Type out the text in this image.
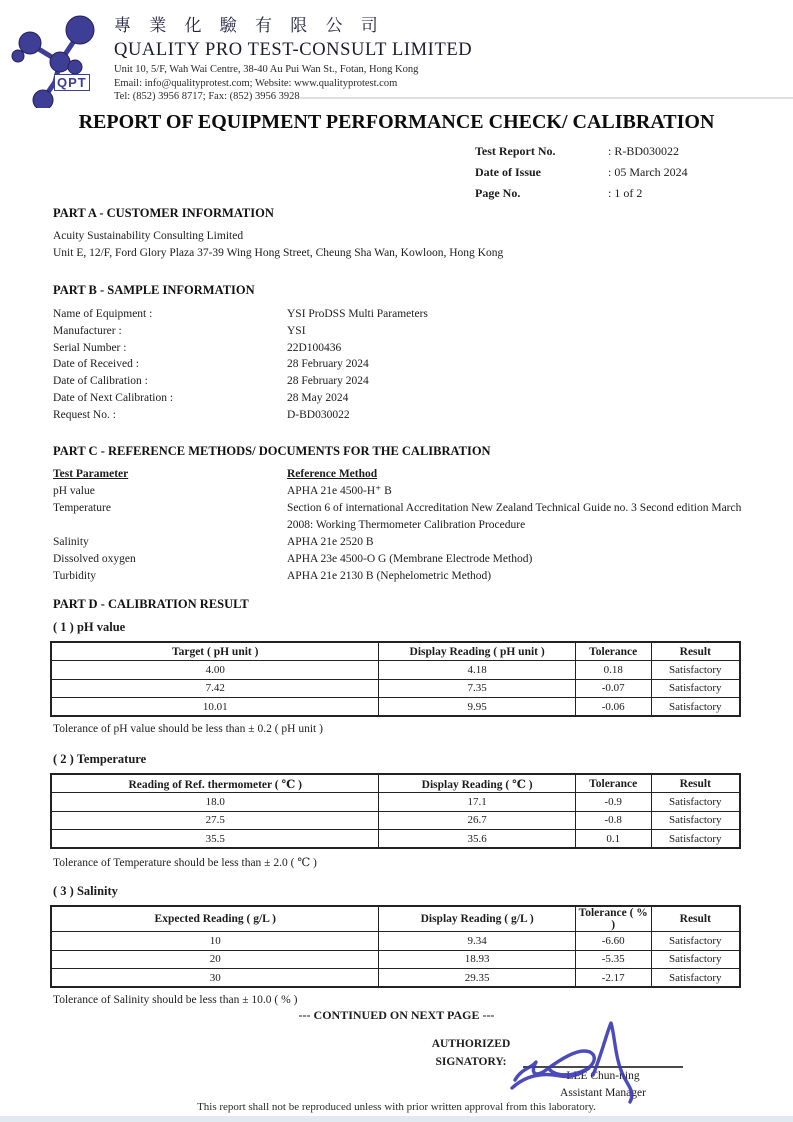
QPT
專 業 化 驗 有 限 公 司
QUALITY PRO TEST-CONSULT LIMITED
Unit 10, 5/F, Wah Wai Centre, 38-40 Au Pui Wan St., Fotan, Hong Kong
Email: info@qualityprotest.com; Website: www.qualityprotest.com
Tel: (852) 3956 8717; Fax: (852) 3956 3928
REPORT OF EQUIPMENT PERFORMANCE CHECK/ CALIBRATION
Test Report No.	: R-BD030022
Date of Issue	: 05 March 2024
Page No.	: 1 of 2
PART A - CUSTOMER INFORMATION
Acuity Sustainability Consulting Limited
Unit E, 12/F, Ford Glory Plaza 37-39 Wing Hong Street, Cheung Sha Wan, Kowloon, Hong Kong
PART B - SAMPLE INFORMATION
Name of Equipment :	YSI ProDSS Multi Parameters
Manufacturer :	YSI
Serial Number :	22D100436
Date of Received :	28 February 2024
Date of Calibration :	28 February 2024
Date of Next Calibration :	28 May 2024
Request No. :	D-BD030022
PART C - REFERENCE METHODS/ DOCUMENTS FOR THE CALIBRATION
Test Parameter	Reference Method
pH value	APHA 21e 4500-H⁺ B
Temperature	Section 6 of international Accreditation New Zealand Technical Guide no. 3 Second edition March 2008: Working Thermometer Calibration Procedure
Salinity	APHA 21e 2520 B
Dissolved oxygen	APHA 23e 4500-O G (Membrane Electrode Method)
Turbidity	APHA 21e 2130 B (Nephelometric Method)
PART D - CALIBRATION RESULT
( 1 ) pH value
Target ( pH unit )	Display Reading ( pH unit )	Tolerance	Result
4.00	4.18	0.18	Satisfactory
7.42	7.35	-0.07	Satisfactory
10.01	9.95	-0.06	Satisfactory
Tolerance of pH value should be less than ± 0.2 ( pH unit )
( 2 ) Temperature
Reading of Ref. thermometer ( ℃ )	Display Reading ( ℃ )	Tolerance	Result
18.0	17.1	-0.9	Satisfactory
27.5	26.7	-0.8	Satisfactory
35.5	35.6	0.1	Satisfactory
Tolerance of Temperature should be less than ± 2.0 ( ℃ )
( 3 ) Salinity
Expected Reading ( g/L )	Display Reading ( g/L )	Tolerance ( % )	Result
10	9.34	-6.60	Satisfactory
20	18.93	-5.35	Satisfactory
30	29.35	-2.17	Satisfactory
Tolerance of Salinity should be less than ± 10.0 ( % )
--- CONTINUED ON NEXT PAGE ---
AUTHORIZED
SIGNATORY:
LEE Chun-ning
Assistant Manager
This report shall not be reproduced unless with prior written approval from this laboratory.
